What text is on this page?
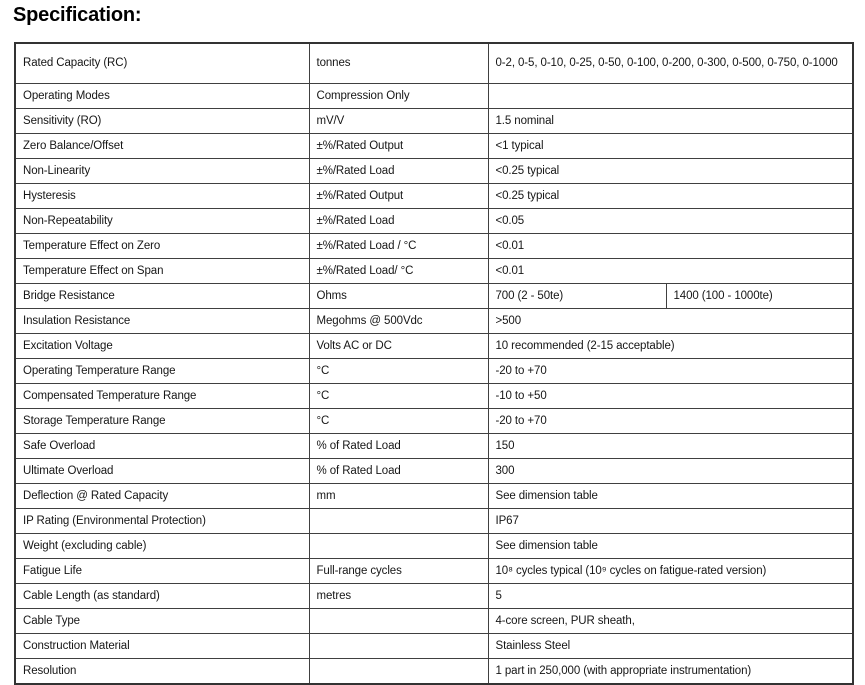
Specification:
Rated Capacity (RC)	tonnes	0-2, 0-5, 0-10, 0-25, 0-50, 0-100, 0-200, 0-300, 0-500, 0-750, 0-1000	
Operating Modes	Compression Only		
Sensitivity (RO)	mV/V	1.5 nominal	
Zero Balance/Offset	±%/Rated Output	<1 typical	
Non-Linearity	±%/Rated Load	<0.25 typical	
Hysteresis	±%/Rated Output	<0.25 typical	
Non-Repeatability	±%/Rated Load	<0.05	
Temperature Effect on Zero	±%/Rated Load / °C	<0.01	
Temperature Effect on Span	±%/Rated Load/ °C	<0.01	
Bridge Resistance	Ohms	700 (2 - 50te)	1400 (100 - 1000te)
Insulation Resistance	Megohms @ 500Vdc	>500	
Excitation Voltage	Volts AC or DC	10 recommended (2-15 acceptable)	
Operating Temperature Range	°C	-20 to +70	
Compensated Temperature Range	°C	-10 to +50	
Storage Temperature Range	°C	-20 to +70	
Safe Overload	% of Rated Load	150	
Ultimate Overload	% of Rated Load	300	
Deflection @ Rated Capacity	mm	See dimension table	
IP Rating (Environmental Protection)		IP67	
Weight (excluding cable)		See dimension table	
Fatigue Life	Full-range cycles	10⁸ cycles typical (10⁹ cycles on fatigue-rated version)	
Cable Length (as standard)	metres	5	
Cable Type		4-core screen, PUR sheath,	
Construction Material		Stainless Steel	
Resolution		1 part in 250,000 (with appropriate instrumentation)	
